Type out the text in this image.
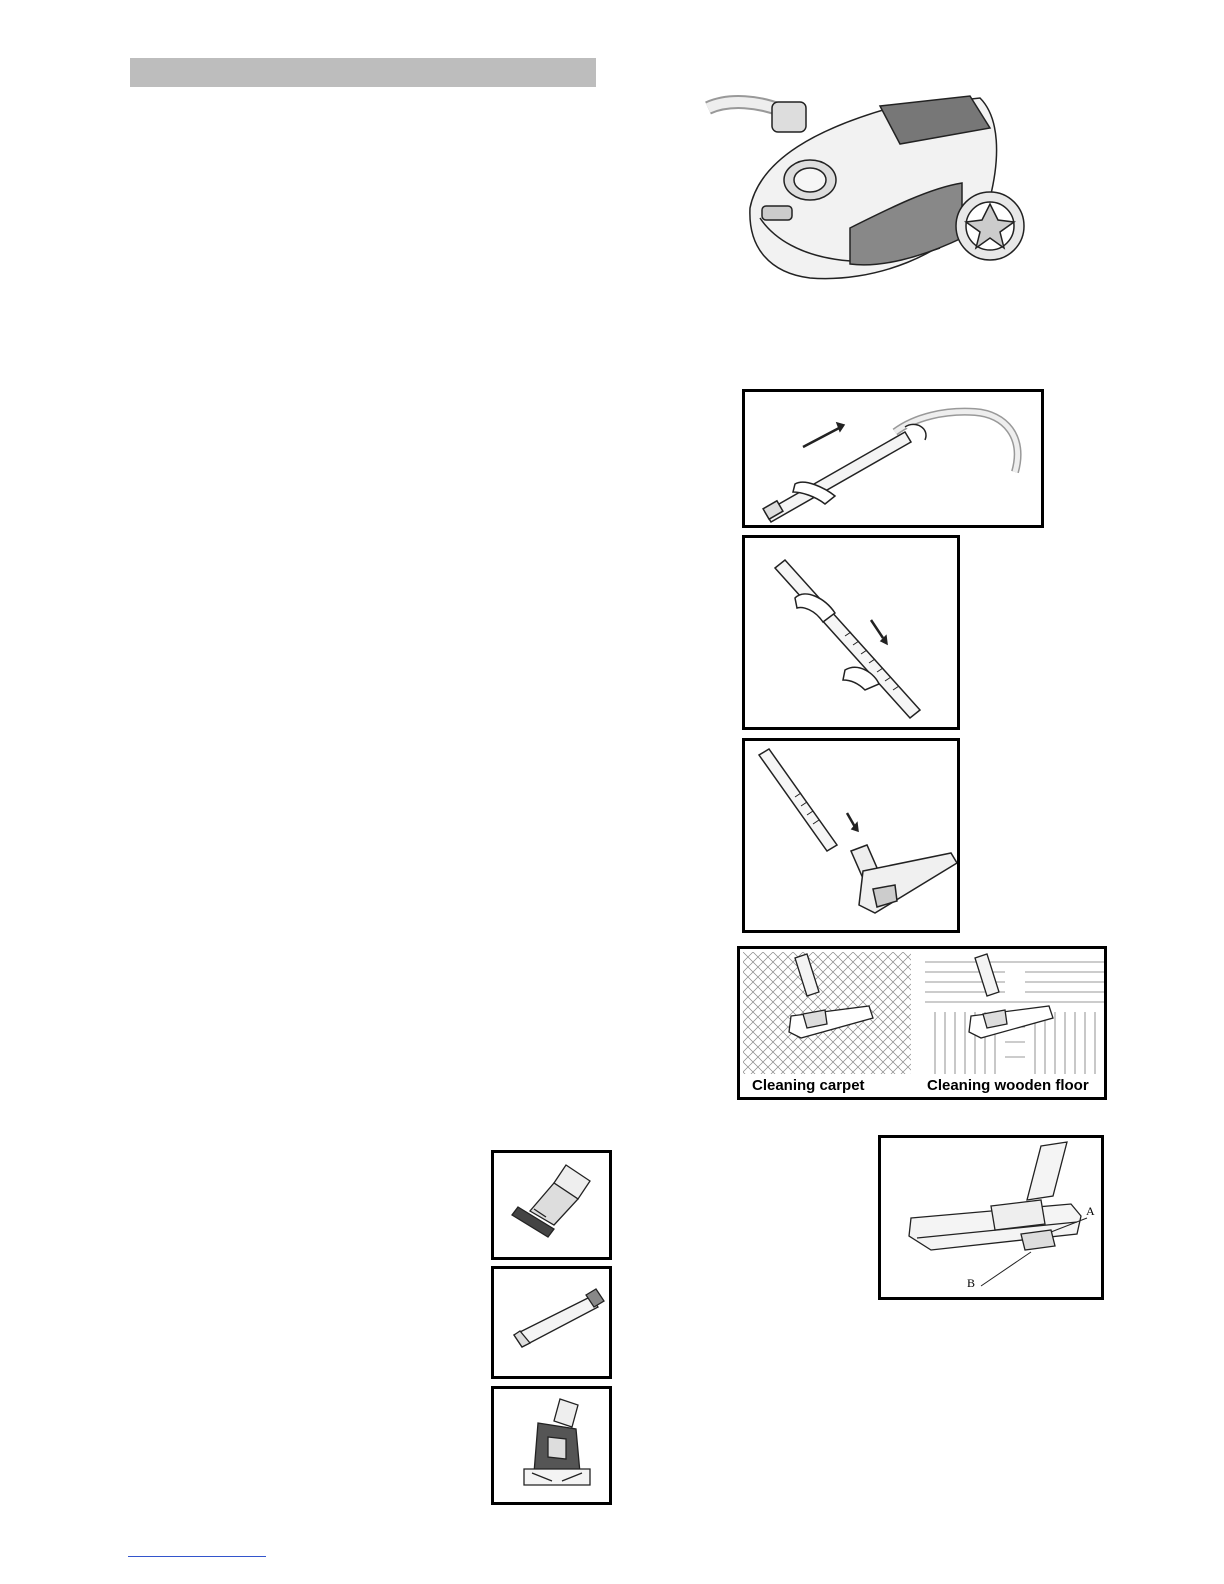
Cleaning carpet	Cleaning wooden floor
A
B
